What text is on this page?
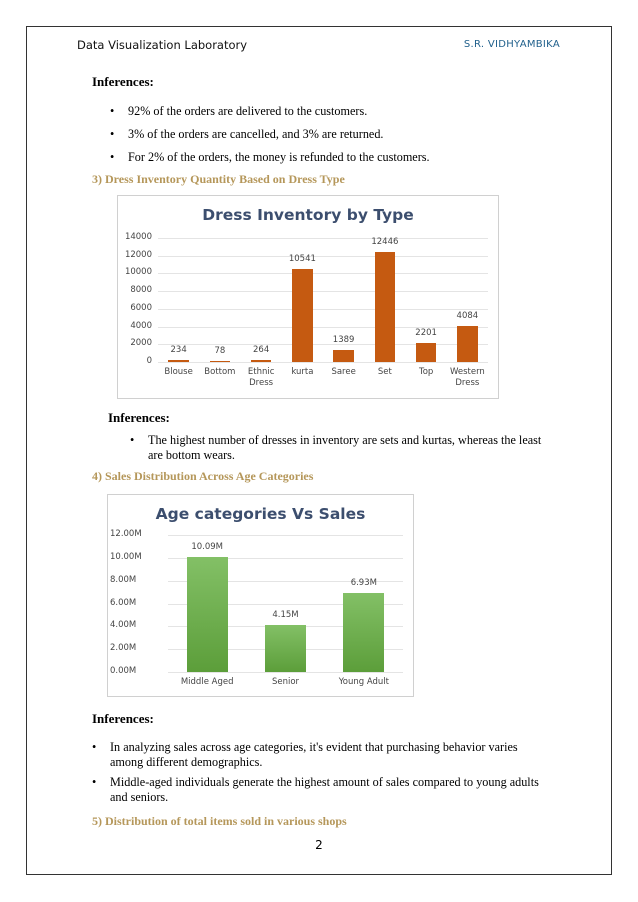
Data Visualization Laboratory	S.R. VIDHYAMBIKA
Inferences:
• 92% of the orders are delivered to the customers.
• 3% of the orders are cancelled, and 3% are returned.
• For 2% of the orders, the money is refunded to the customers.
3) Dress Inventory Quantity Based on Dress Type
Dress Inventory by Type
0
2000
4000
6000
8000
10000
12000
14000
234
Blouse
78
Bottom
264
Ethnic Dress
10541
kurta
1389
Saree
12446
Set
2201
Top
4084
Western Dress
Inferences:
• The highest number of dresses in inventory are sets and kurtas, whereas the least are bottom wears.
4) Sales Distribution Across Age Categories
Age categories Vs Sales
0.00M
2.00M
4.00M
6.00M
8.00M
10.00M
12.00M
10.09M
Middle Aged
4.15M
Senior
6.93M
Young Adult
Inferences:
• In analyzing sales across age categories, it's evident that purchasing behavior varies among different demographics.
• Middle-aged individuals generate the highest amount of sales compared to young adults and seniors.
5) Distribution of total items sold in various shops
2
